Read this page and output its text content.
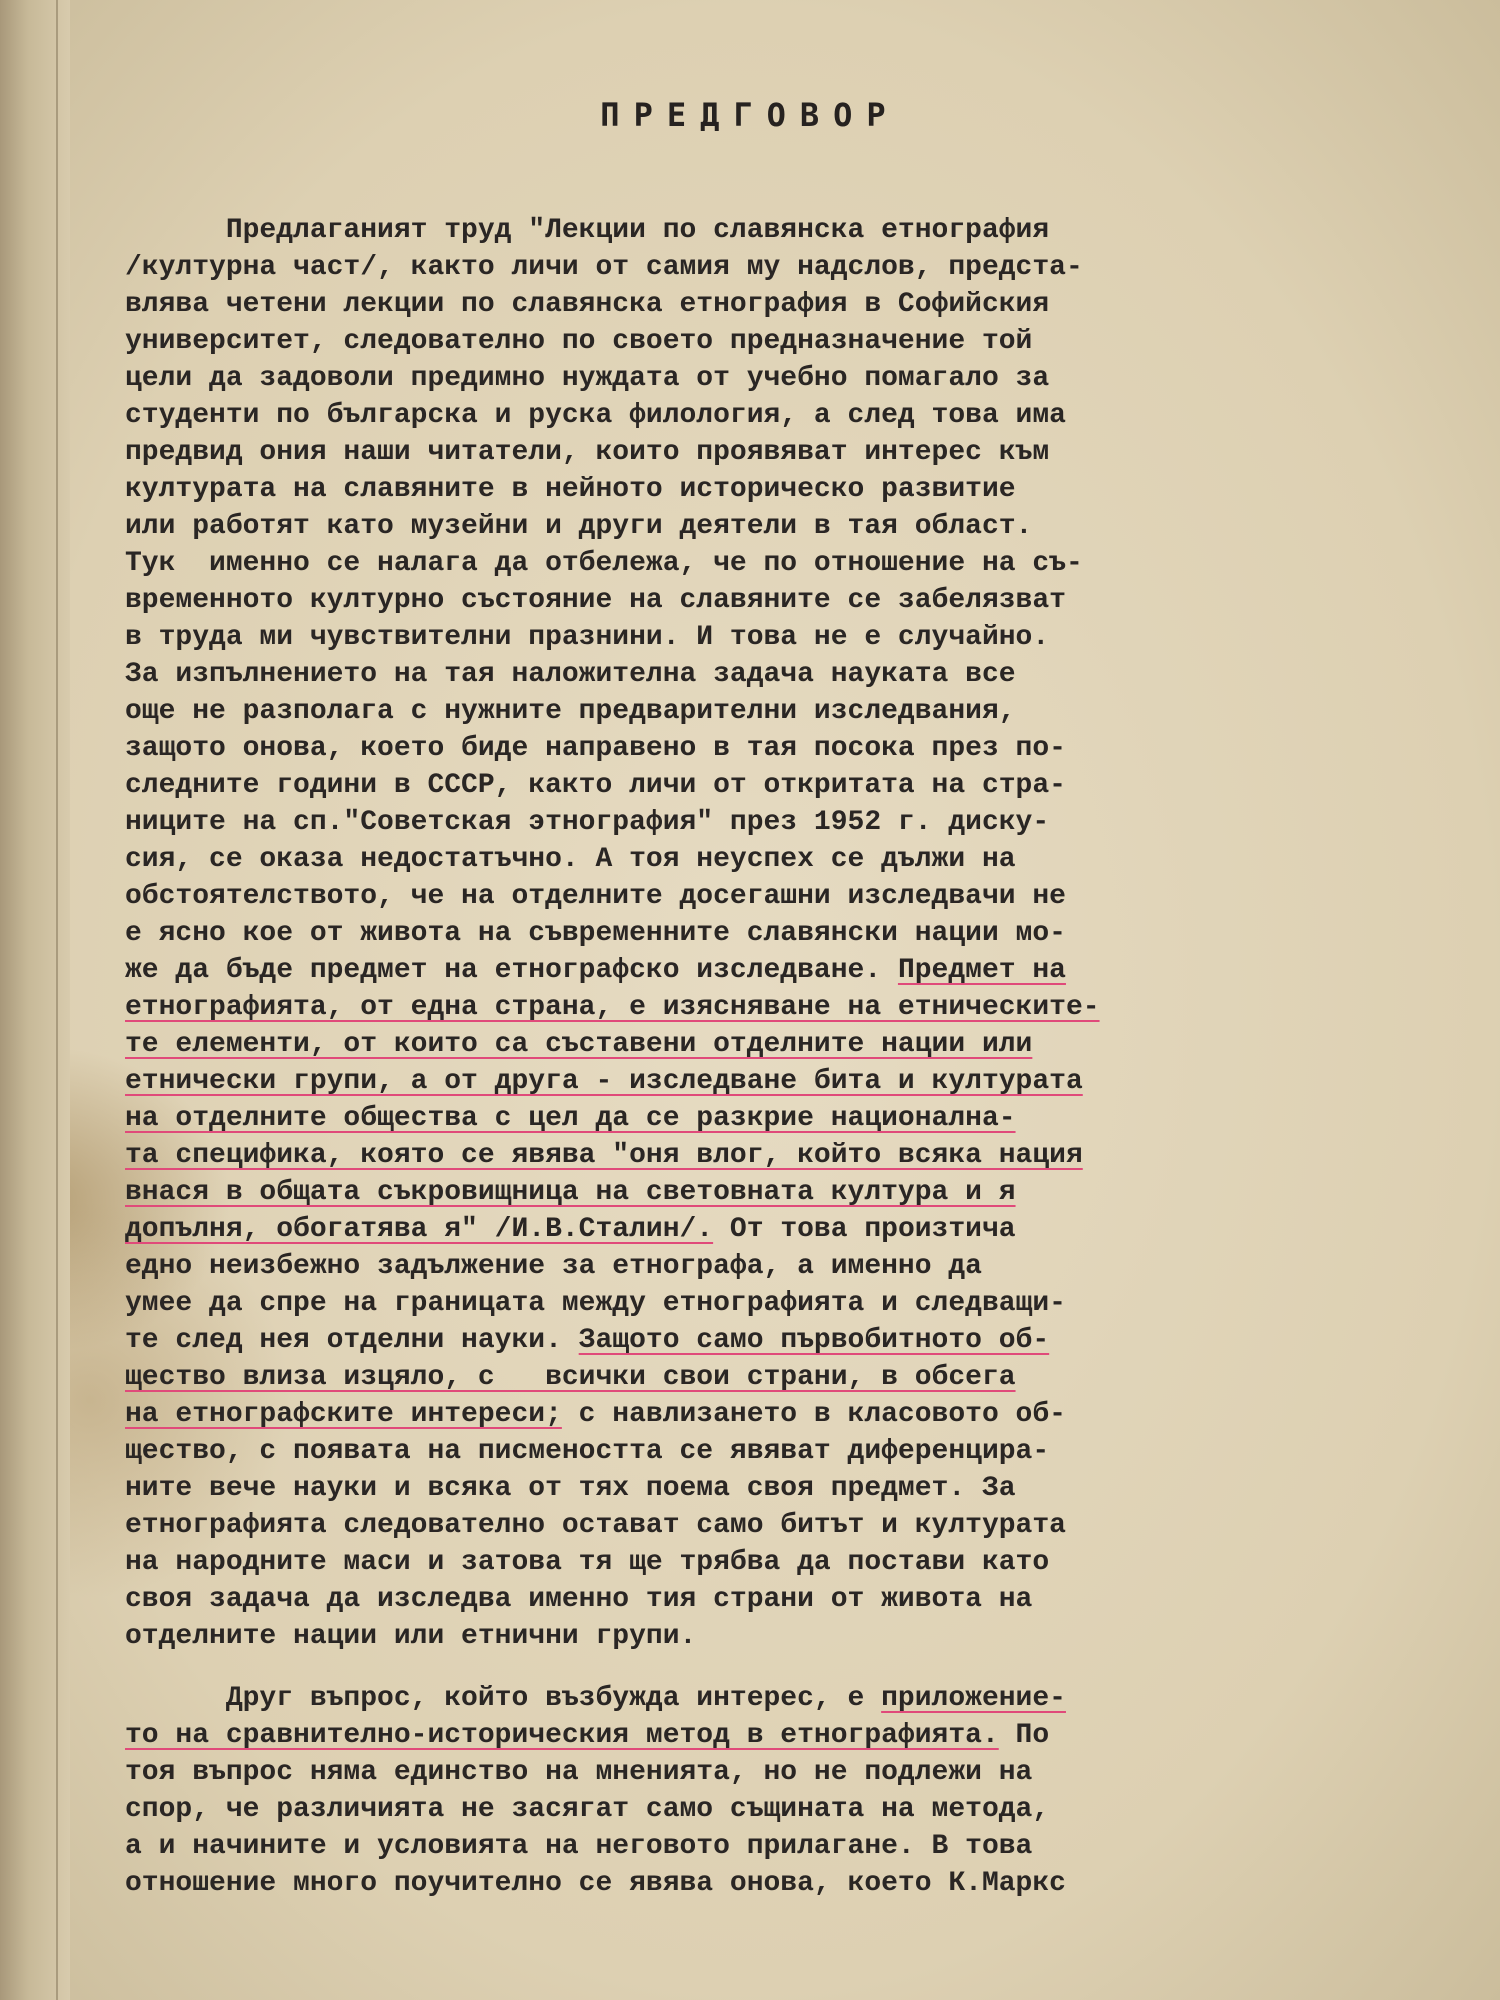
ПРЕДГОВОР
Предлаганият труд "Лекции по славянска етнография
/културна част/, както личи от самия му надслов, предста-
влява четени лекции по славянска етнография в Софийския
университет, следователно по своето предназначение той
цели да задоволи предимно нуждата от учебно помагало за
студенти по българска и руска филология, а след това има
предвид ония наши читатели, които проявяват интерес към
културата на славяните в нейното историческо развитие
или работят като музейни и други деятели в тая област.
Тук  именно се налага да отбележа, че по отношение на съ-
временното културно състояние на славяните се забелязват
в труда ми чувствителни празнини. И това не е случайно.
За изпълнението на тая наложителна задача науката все
още не разполага с нужните предварителни изследвания,
защото онова, което биде направено в тая посока през по-
следните години в СССР, както личи от откритата на стра-
ниците на сп."Советская этнография" през 1952 г. дискy-
сия, се оказа недостатъчно. А тоя неуспех се дължи на
обстоятелството, че на отделните досегашни изследвачи не
е ясно кое от живота на съвременните славянски нации мо-
же да бъде предмет на етнографско изследване. Предмет на
етнографията, от една страна, е изясняване на етническите-
те елементи, от които са съставени отделните нации или
етнически групи, а от друга - изследване бита и културата
на отделните общества с цел да се разкрие национална-
та специфика, която се явява "оня влог, който всяка нация
внася в общата съкровищница на световната култура и я
допълня, обогатява я" /И.В.Сталин/. От това произтича
едно неизбежно задължение за етнографа, а именно да
умее да спре на границата между етнографията и следващи-
те след нея отделни науки. Защото само първобитното об-
щество влиза изцяло, с   всички свои страни, в обсега
на етнографските интереси; с навлизането в класовото об-
щество, с появата на писмеността се явяват диференцира-
ните вече науки и всяка от тях поема своя предмет. За
етнографията следователно остават само битът и културата
на народните маси и затова тя ще трябва да постави като
своя задача да изследва именно тия страни от живота на
отделните нации или етнични групи.
Друг въпрос, който възбужда интерес, е приложение-
то на сравнително-историческия метод в етнографията. По
тоя въпрос няма единство на мненията, но не подлежи на
спор, че различията не засягат само същината на метода,
а и начините и условията на неговото прилагане. В това
отношение много поучително се явява онова, което К.Маркс
